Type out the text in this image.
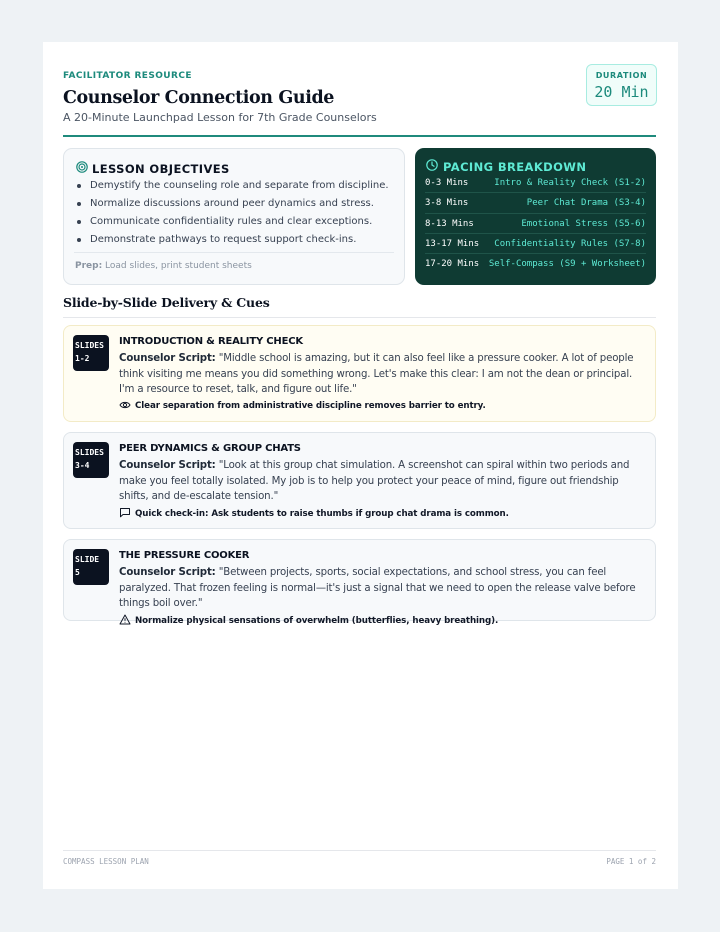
FACILITATOR RESOURCE
Counselor Connection Guide
A 20-Minute Launchpad Lesson for 7th Grade Counselors
DURATION
20 Min
LESSON OBJECTIVES
Demystify the counseling role and separate from discipline.
Normalize discussions around peer dynamics and stress.
Communicate confidentiality rules and clear exceptions.
Demonstrate pathways to request support check-ins.
Prep: Load slides, print student sheets
PACING BREAKDOWN
0-3 Mins	Intro & Reality Check (S1-2)
3-8 Mins	Peer Chat Drama (S3-4)
8-13 Mins	Emotional Stress (S5-6)
13-17 Mins Confidentiality Rules (S7-8)
17-20 Mins Self-Compass (S9 + Worksheet)
Slide-by-Slide Delivery & Cues
SLIDES
1-2
INTRODUCTION & REALITY CHECK
Counselor Script: "Middle school is amazing, but it can also feel like a pressure cooker. A lot of people think visiting me means you did something wrong. Let's make this clear: I am not the dean or principal. I'm a resource to reset, talk, and figure out life."
Clear separation from administrative discipline removes barrier to entry.
SLIDES
3-4
PEER DYNAMICS & GROUP CHATS
Counselor Script: "Look at this group chat simulation. A screenshot can spiral within two periods and make you feel totally isolated. My job is to help you protect your peace of mind, figure out friendship shifts, and de-escalate tension."
Quick check-in: Ask students to raise thumbs if group chat drama is common.
SLIDE
5
THE PRESSURE COOKER
Counselor Script: "Between projects, sports, social expectations, and school stress, you can feel paralyzed. That frozen feeling is normal—it's just a signal that we need to open the release valve before things boil over."
Normalize physical sensations of overwhelm (butterflies, heavy breathing).
COMPASS LESSON PLAN	PAGE 1 of 2
